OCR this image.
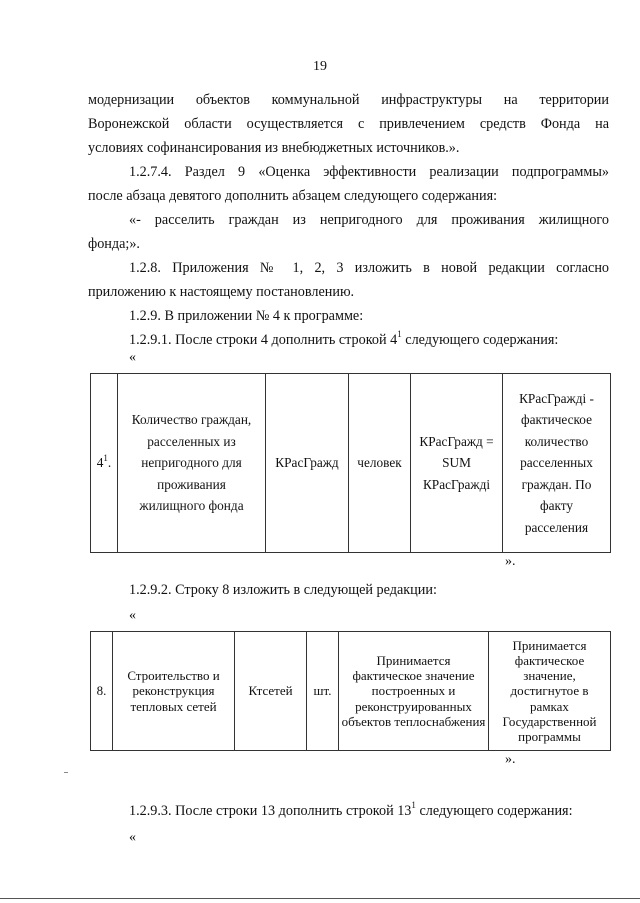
19
модернизации объектов коммунальной инфраструктуры на территории
Воронежской области осуществляется с привлечением средств Фонда на
условиях софинансирования из внебюджетных источников.».
1.2.7.4. Раздел 9 «Оценка эффективности реализации подпрограммы»
после абзаца девятого дополнить абзацем следующего содержания:
«- расселить граждан из непригодного для проживания жилищного
фонда;».
1.2.8. Приложения № 1, 2, 3 изложить в новой редакции согласно
приложению к настоящему постановлению.
1.2.9. В приложении № 4 к программе:
1.2.9.1. После строки 4 дополнить строкой $4^1$ следующего содержания:
«
$4^1$.	Количество граждан, расселенных из непригодного для проживания жилищного фонда	КРасГражд	человек	КРасГражд = SUM КРасГражді	КРасГражді - фактическое количество расселенных граждан. По факту расселения
».
1.2.9.2. Строку 8 изложить в следующей редакции:
«
8.	Строительство и реконструкция тепловых сетей	Ктсетей	шт.	Принимается фактическое значение построенных и реконструированных объектов теплоснабжения	Принимается фактическое значение, достигнутое в рамках Государственной программы
».
1.2.9.3. После строки 13 дополнить строкой $13^1$ следующего содержания:
«
